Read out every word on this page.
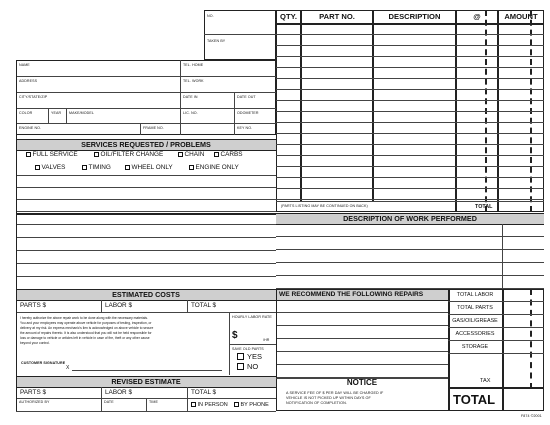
NO.
TAKEN BY
QTY.	PART NO.	DESCRIPTION	@	AMOUNT
(PARTS LISTING MAY BE CONTINUED ON BACK)	TOTAL
NAME	TEL. HOME
ADDRESS	TEL. WORK
CITY/STATE/ZIP	DATE IN	DATE OUT
COLOR	YEAR MAKE/MODEL	LIC. NO.	ODOMETER
ENGINE NO.	FRAME NO.	KEY NO.
SERVICES REQUESTED / PROBLEMS
FULL SERVICE	OIL/FILTER CHANGE	CHAIN	CARBS
VALVES	TIMING	WHEEL ONLY	ENGINE ONLY
DESCRIPTION OF WORK PERFORMED
ESTIMATED COSTS
PARTS $	LABOR $	TOTAL $
I hereby authorize the above repair work to be done along with the necessary materials.
You and your employees may operate above vehicle for purposes of testing, inspection, or
delivery at my risk. An express mechanic's lien is acknowledged on above vehicle to secure
the amount of repairs thereto. It is also understood that you will not be held responsible for
loss or damage to vehicle or articles left in vehicle in case of fire, theft or any other cause
beyond your control.
CUSTOMER SIGNATURE
X
HOURLY LABOR RATE
$	/HR
SAVE OLD PARTS
YES
NO
REVISED ESTIMATE
PARTS $	LABOR $	TOTAL $
AUTHORIZED BY	DATE	TIME	IN PERSON	BY PHONE
WE RECOMMEND THE FOLLOWING REPAIRS	TOTAL LABOR
TOTAL PARTS
GAS/OIL/GREASE
ACCESSORIES
STORAGE
TAX
TOTAL
NOTICE
A SERVICE FEE OF $ PER DAY WILL BE CHARGED IF
VEHICLE IS NOT PICKED UP WITHIN DAYS OF
NOTIFICATION OF COMPLETION.
F874 ©2001
